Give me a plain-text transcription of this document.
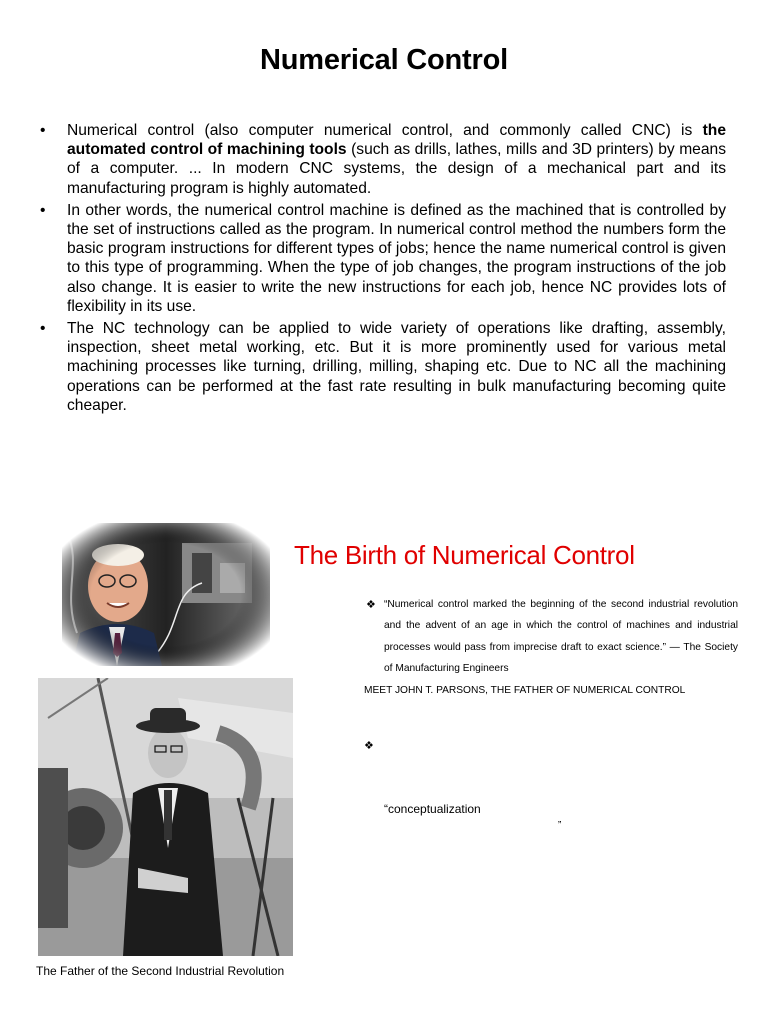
Numerical Control
• Numerical control (also computer numerical control, and commonly called CNC) is the automated control of machining tools (such as drills, lathes, mills and 3D printers) by means of a computer. ... In modern CNC systems, the design of a mechanical part and its manufacturing program is highly automated.
• In other words, the numerical control machine is defined as the machined that is controlled by the set of instructions called as the program. In numerical control method the numbers form the basic program instructions for different types of jobs; hence the name numerical control is given to this type of programming. When the type of job changes, the program instructions of the job also change. It is easier to write the new instructions for each job, hence NC provides lots of flexibility in its use.
• The NC technology can be applied to wide variety of operations like drafting, assembly, inspection, sheet metal working, etc. But it is more prominently used for various metal machining processes like turning, drilling, milling, shaping etc. Due to NC all the machining operations can be performed at the fast rate resulting in bulk manufacturing becoming quite cheaper.
The Father of the Second Industrial Revolution
The Birth of Numerical Control
❖ “Numerical control marked the beginning of the second industrial revolution and the advent of an age in which the control of machines and industrial processes would pass from imprecise draft to exact science.” — The Society of Manufacturing Engineers
MEET JOHN T. PARSONS, THE FATHER OF NUMERICAL CONTROL
❖
“conceptualization
”
